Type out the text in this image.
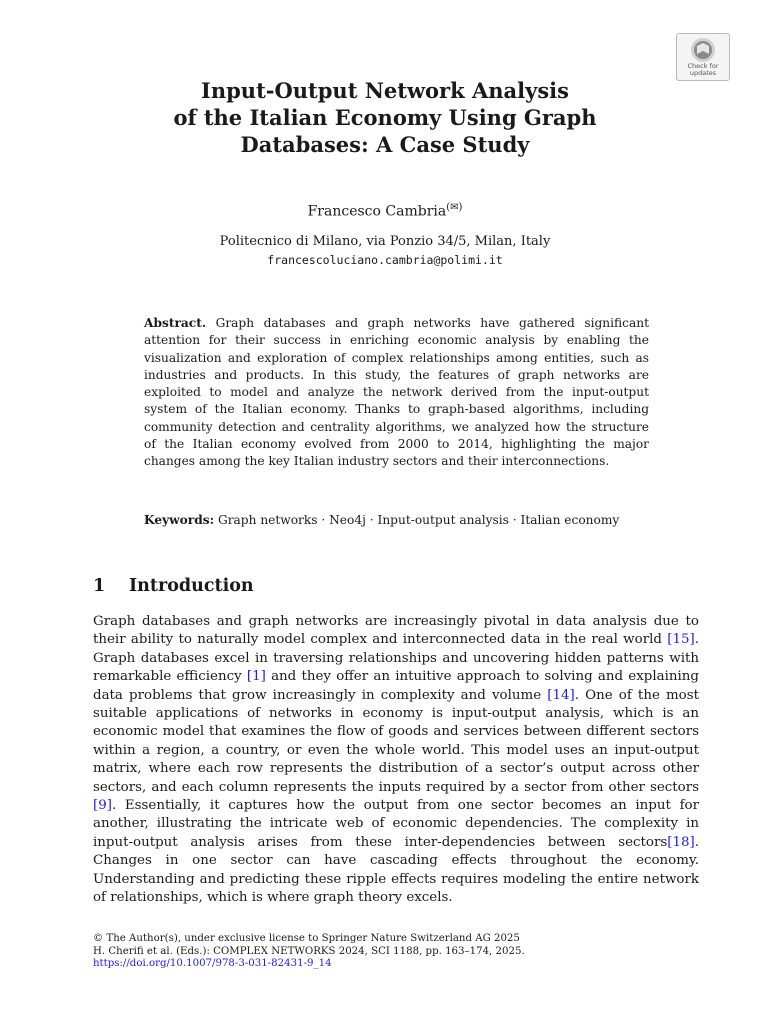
Check for
updates
Input-Output Network Analysis
of the Italian Economy Using Graph
Databases: A Case Study
Francesco Cambria(✉)
Politecnico di Milano, via Ponzio 34/5, Milan, Italy
francescoluciano.cambria@polimi.it
Abstract. Graph databases and graph networks have gathered significant attention for their success in enriching economic analysis by enabling the visualization and exploration of complex relationships among entities, such as industries and products. In this study, the features of graph networks are exploited to model and analyze the network derived from the input-output system of the Italian economy. Thanks to graph-based algorithms, including community detection and centrality algorithms, we analyzed how the structure of the Italian economy evolved from 2000 to 2014, highlighting the major changes among the key Italian industry sectors and their interconnections.
Keywords: Graph networks · Neo4j · Input-output analysis · Italian economy
1 Introduction
Graph databases and graph networks are increasingly pivotal in data analysis due to their ability to naturally model complex and interconnected data in the real world [15]. Graph databases excel in traversing relationships and uncovering hidden patterns with remarkable efficiency [1] and they offer an intuitive approach to solving and explaining data problems that grow increasingly in complexity and volume [14]. One of the most suitable applications of networks in economy is input-output analysis, which is an economic model that examines the flow of goods and services between different sectors within a region, a country, or even the whole world. This model uses an input-output matrix, where each row represents the distribution of a sector’s output across other sectors, and each column represents the inputs required by a sector from other sectors [9]. Essentially, it captures how the output from one sector becomes an input for another, illustrating the intricate web of economic dependencies. The complexity in input-output analysis arises from these inter-dependencies between sectors[18]. Changes in one sector can have cascading effects throughout the economy. Understanding and predicting these ripple effects requires modeling the entire network of relationships, which is where graph theory excels.
© The Author(s), under exclusive license to Springer Nature Switzerland AG 2025
H. Cherifi et al. (Eds.): COMPLEX NETWORKS 2024, SCI 1188, pp. 163–174, 2025.
https://doi.org/10.1007/978-3-031-82431-9_14
